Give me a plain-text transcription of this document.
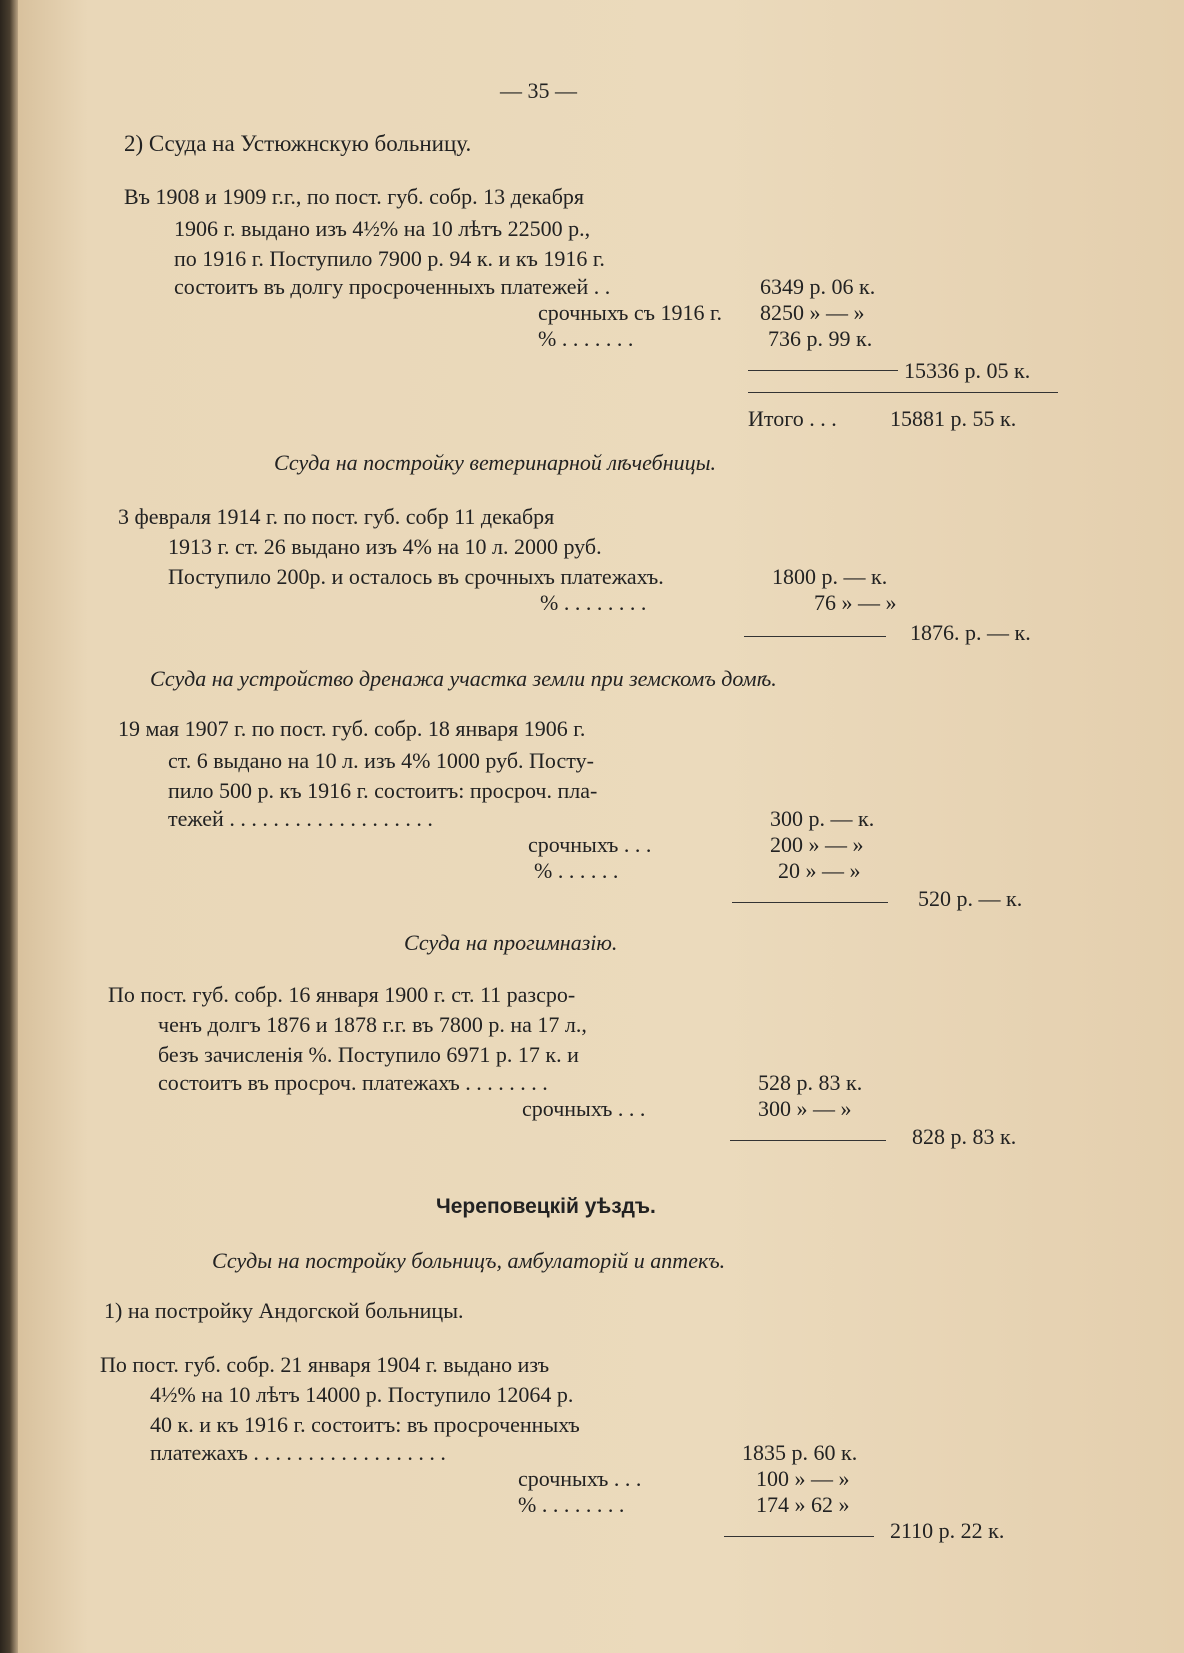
— 35 —
2) Ссуда на Устюжнскую больницу.
Въ 1908 и 1909 г.г., по пост. губ. собр. 13 декабря
1906 г. выдано изъ 4½% на 10 лѣтъ 22500 р.,
по 1916 г. Поступило 7900 р. 94 к. и къ 1916 г.
состоитъ въ долгу просроченныхъ платежей . .	6349 р. 06 к.
срочныхъ съ 1916 г. 8250 » — »
% . . . . . . .	736 р. 99 к.
15336 р. 05 к.
Итого . . . 15881 р. 55 к.
Ссуда на постройку ветеринарной лѣчебницы.
3 февраля 1914 г. по пост. губ. собр 11 декабря
1913 г. ст. 26 выдано изъ 4% на 10 л. 2000 руб.
Поступило 200р. и осталось въ срочныхъ платежахъ.	1800 р. — к.
% . . . . . . . .	76 » — »
1876. р. — к.
Ссуда на устройство дренажа участка земли при земскомъ домѣ.
19 мая 1907 г. по пост. губ. собр. 18 января 1906 г.
ст. 6 выдано на 10 л. изъ 4% 1000 руб. Посту-
пило 500 р. къ 1916 г. состоитъ: просроч. пла-
тежей . . . . . . . . . . . . . . . . . . .	300 р. — к.
срочныхъ . . .	200 » — »
% . . . . . .	20 » — »
520 р. — к.
Ссуда на прогимназію.
По пост. губ. собр. 16 января 1900 г. ст. 11 разсро-
ченъ долгъ 1876 и 1878 г.г. въ 7800 р. на 17 л.,
безъ зачисленія %. Поступило 6971 р. 17 к. и
состоитъ въ просроч. платежахъ . . . . . . . .	528 р. 83 к.
срочныхъ . . .	300 » — »
828 р. 83 к.
Череповецкій уѣздъ.
Ссуды на постройку больницъ, амбулаторій и аптекъ.
1) на постройку Андогской больницы.
По пост. губ. собр. 21 января 1904 г. выдано изъ
4½% на 10 лѣтъ 14000 р. Поступило 12064 р.
40 к. и къ 1916 г. состоитъ: въ просроченныхъ
платежахъ . . . . . . . . . . . . . . . . . .	1835 р. 60 к.
срочныхъ . . .	100 » — »
% . . . . . . . .	174 » 62 »
2110 р. 22 к.
